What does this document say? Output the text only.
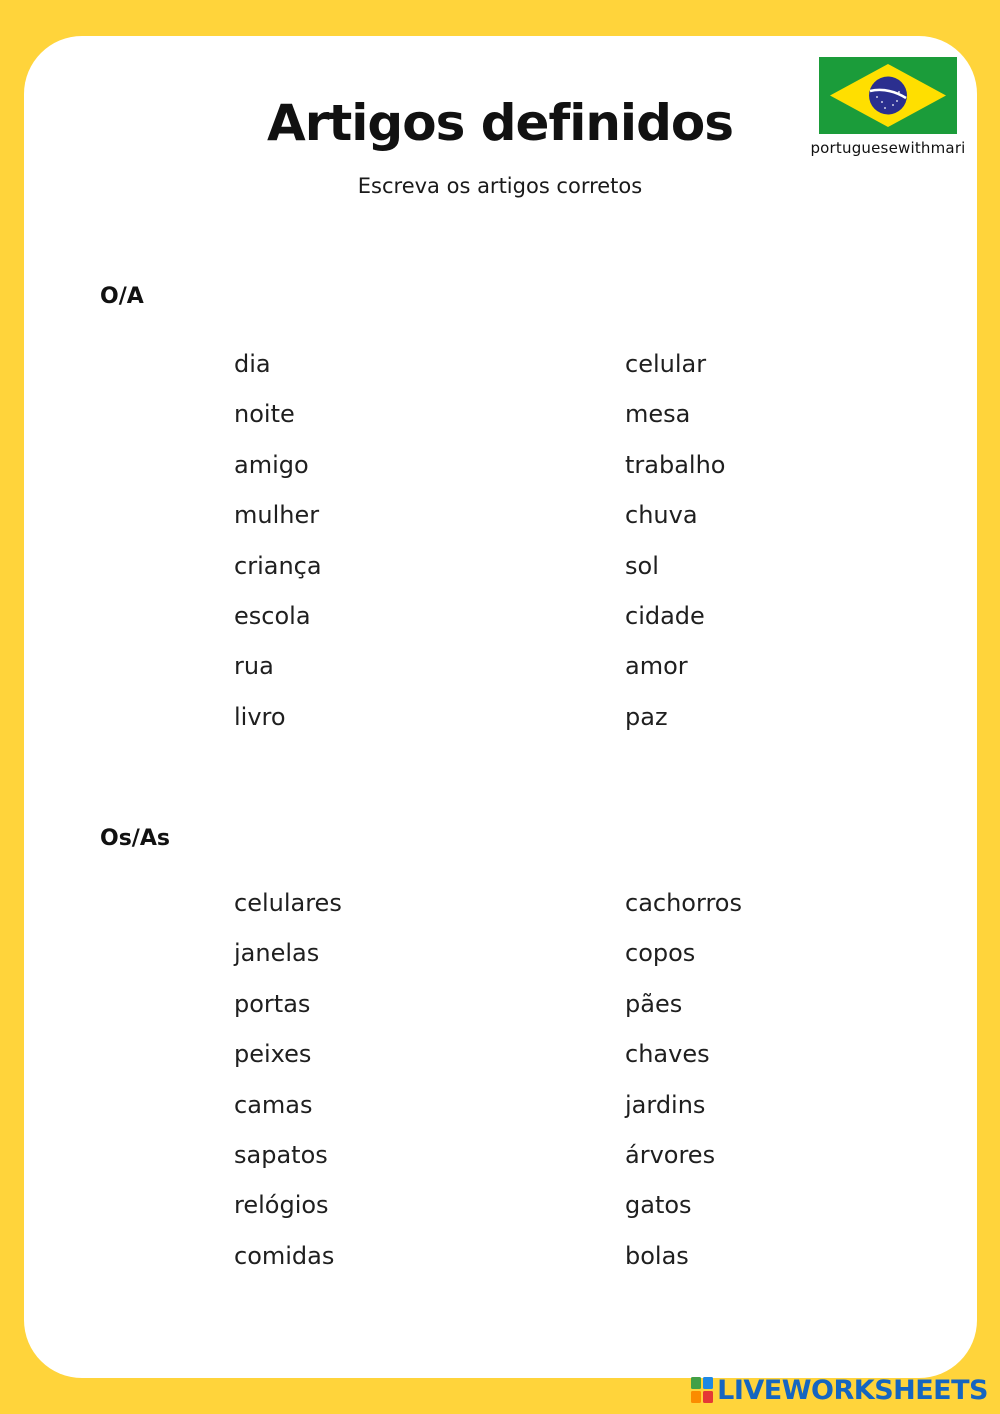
Artigos definidos
Escreva os artigos corretos
portuguesewithmari
O/A
dia
noite
amigo
mulher
criança
escola
rua
livro
celular
mesa
trabalho
chuva
sol
cidade
amor
paz
Os/As
celulares
janelas
portas
peixes
camas
sapatos
relógios
comidas
cachorros
copos
pães
chaves
jardins
árvores
gatos
bolas
LIVEWORKSHEETS
